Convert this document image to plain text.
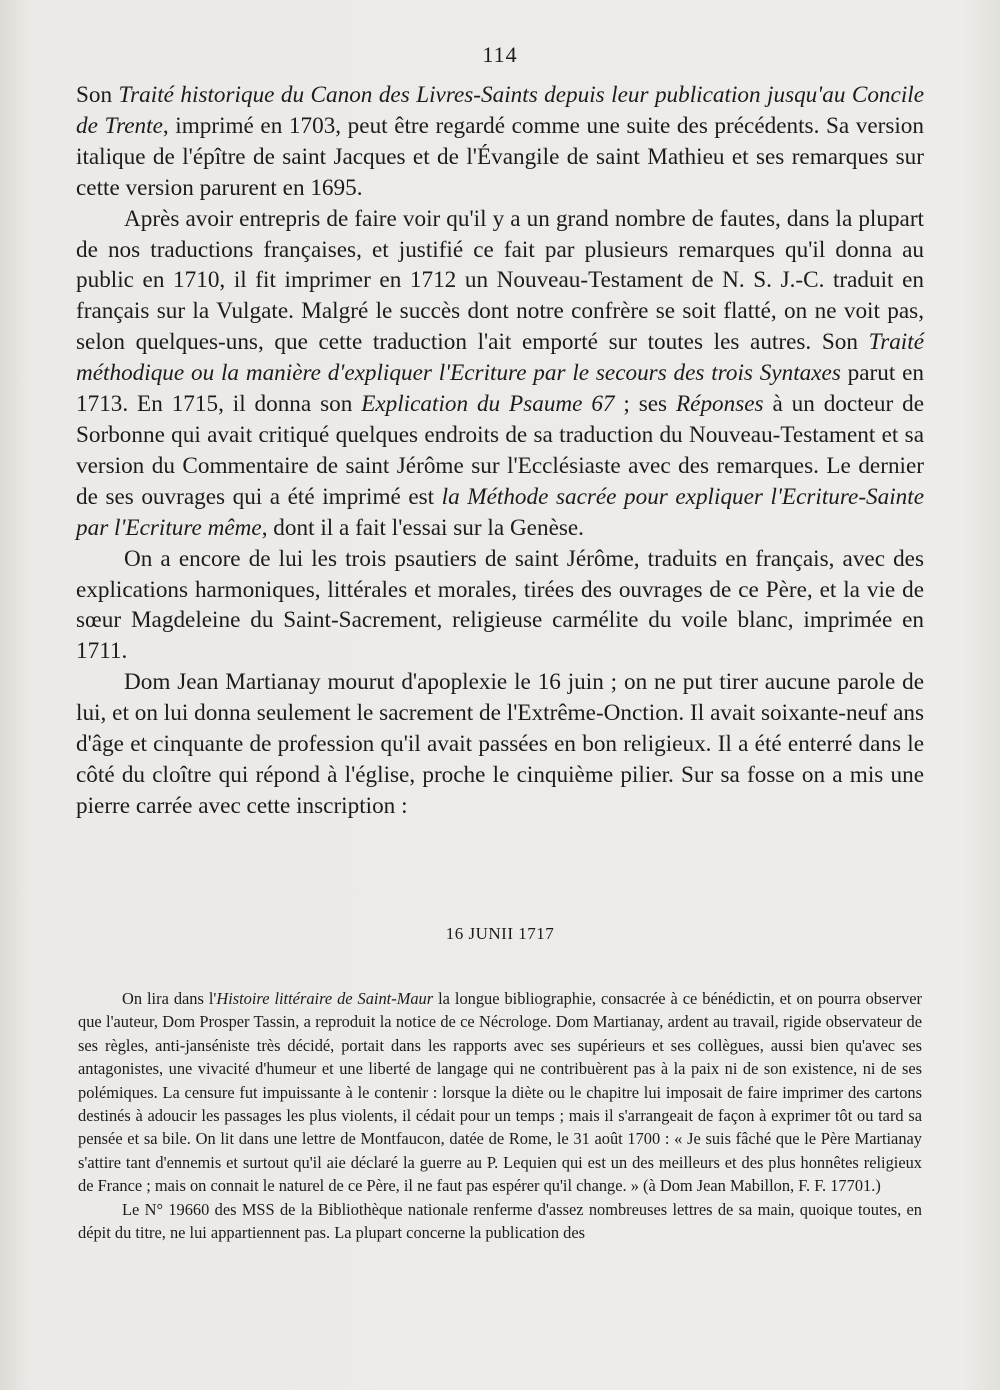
114

Son Traité historique du Canon des Livres-Saints depuis leur publication jusqu'au Concile de Trente, imprimé en 1703, peut être regardé comme une suite des précédents. Sa version italique de l'épître de saint Jacques et de l'Évangile de saint Mathieu et ses remarques sur cette version parurent en 1695.

Après avoir entrepris de faire voir qu'il y a un grand nombre de fautes, dans la plupart de nos traductions françaises, et justifié ce fait par plusieurs remarques qu'il donna au public en 1710, il fit imprimer en 1712 un Nouveau-Testament de N. S. J.-C. traduit en français sur la Vulgate. Malgré le succès dont notre confrère se soit flatté, on ne voit pas, selon quelques-uns, que cette traduction l'ait emporté sur toutes les autres. Son Traité méthodique ou la manière d'expliquer l'Ecriture par le secours des trois Syntaxes parut en 1713. En 1715, il donna son Explication du Psaume 67 ; ses Réponses à un docteur de Sorbonne qui avait critiqué quelques endroits de sa traduction du Nouveau-Testament et sa version du Commentaire de saint Jérôme sur l'Ecclésiaste avec des remarques. Le dernier de ses ouvrages qui a été imprimé est la Méthode sacrée pour expliquer l'Ecriture-Sainte par l'Ecriture même, dont il a fait l'essai sur la Genèse.

On a encore de lui les trois psautiers de saint Jérôme, traduits en français, avec des explications harmoniques, littérales et morales, tirées des ouvrages de ce Père, et la vie de sœur Magdeleine du Saint-Sacrement, religieuse carmélite du voile blanc, imprimée en 1711.

Dom Jean Martianay mourut d'apoplexie le 16 juin ; on ne put tirer aucune parole de lui, et on lui donna seulement le sacrement de l'Extrême-Onction. Il avait soixante-neuf ans d'âge et cinquante de profession qu'il avait passées en bon religieux. Il a été enterré dans le côté du cloître qui répond à l'église, proche le cinquième pilier. Sur sa fosse on a mis une pierre carrée avec cette inscription :

16 JUNII 1717

On lira dans l'Histoire littéraire de Saint-Maur la longue bibliographie, consacrée à ce bénédictin, et on pourra observer que l'auteur, Dom Prosper Tassin, a reproduit la notice de ce Nécrologe. Dom Martianay, ardent au travail, rigide observateur de ses règles, anti-janséniste très décidé, portait dans les rapports avec ses supérieurs et ses collègues, aussi bien qu'avec ses antagonistes, une vivacité d'humeur et une liberté de langage qui ne contribuèrent pas à la paix ni de son existence, ni de ses polémiques. La censure fut impuissante à le contenir : lorsque la diète ou le chapitre lui imposait de faire imprimer des cartons destinés à adoucir les passages les plus violents, il cédait pour un temps ; mais il s'arrangeait de façon à exprimer tôt ou tard sa pensée et sa bile. On lit dans une lettre de Montfaucon, datée de Rome, le 31 août 1700 : « Je suis fâché que le Père Martianay s'attire tant d'ennemis et surtout qu'il aie déclaré la guerre au P. Lequien qui est un des meilleurs et des plus honnêtes religieux de France ; mais on connait le naturel de ce Père, il ne faut pas espérer qu'il change. » (à Dom Jean Mabillon, F. F. 17701.)

Le N° 19660 des MSS de la Bibliothèque nationale renferme d'assez nombreuses lettres de sa main, quoique toutes, en dépit du titre, ne lui appartiennent pas. La plupart concerne la publication des
